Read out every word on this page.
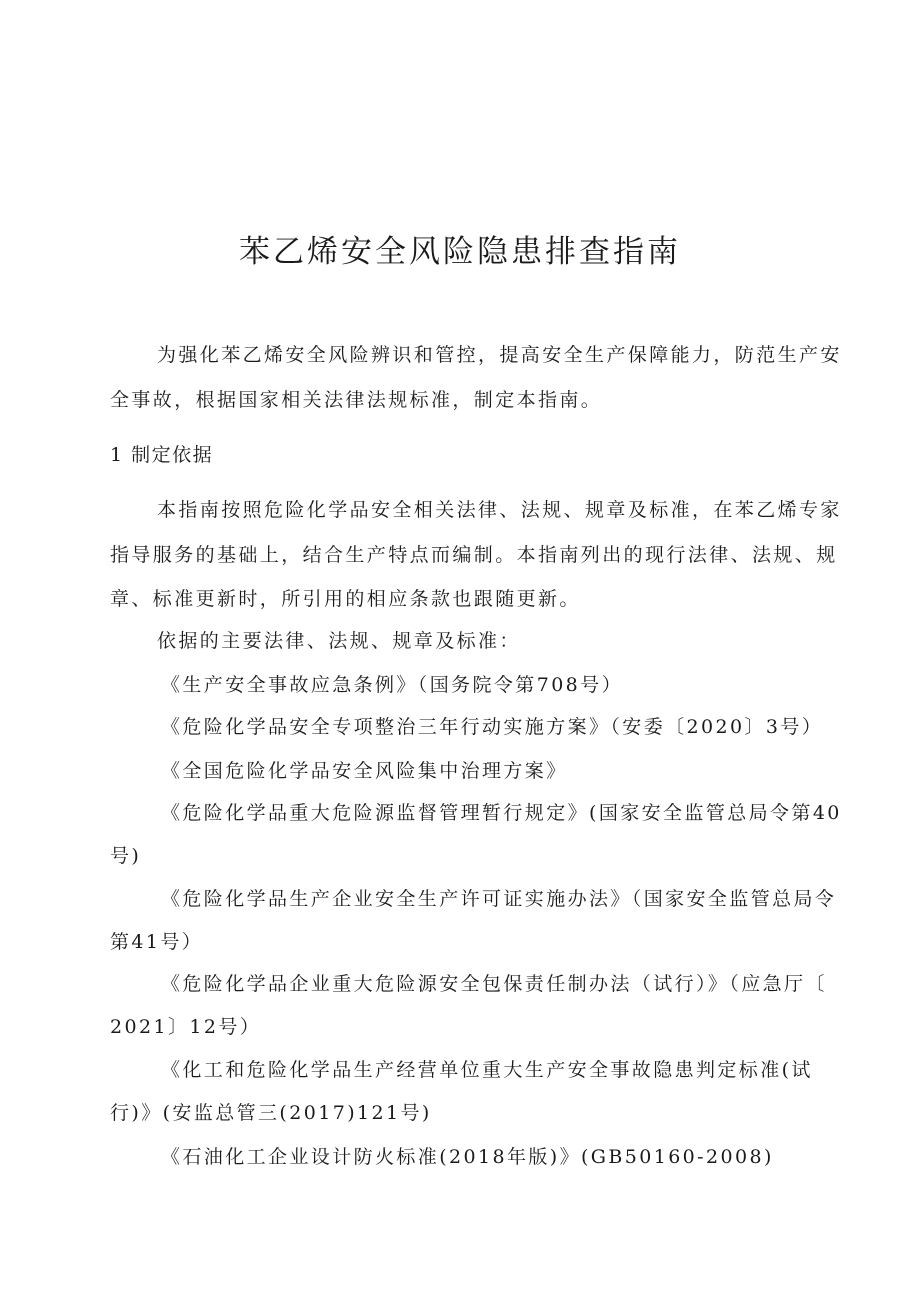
苯乙烯安全风险隐患排查指南
为强化苯乙烯安全风险辨识和管控，提高安全生产保障能力，防范生产安
全事故，根据国家相关法律法规标准，制定本指南。
1 制定依据
本指南按照危险化学品安全相关法律、法规、规章及标准，在苯乙烯专家
指导服务的基础上，结合生产特点而编制。本指南列出的现行法律、法规、规
章、标准更新时，所引用的相应条款也跟随更新。
依据的主要法律、法规、规章及标准：
《生产安全事故应急条例》（国务院令第708号）
《危险化学品安全专项整治三年行动实施方案》（安委〔2020〕3号）
《全国危险化学品安全风险集中治理方案》
《危险化学品重大危险源监督管理暂行规定》(国家安全监管总局令第40
号)
《危险化学品生产企业安全生产许可证实施办法》（国家安全监管总局令
第41号）
《危险化学品企业重大危险源安全包保责任制办法（试行）》（应急厅〔
2021〕12号）
《化工和危险化学品生产经营单位重大生产安全事故隐患判定标准(试
行)》(安监总管三(2017)121号)
《石油化工企业设计防火标准(2018年版)》(GB50160-2008)
